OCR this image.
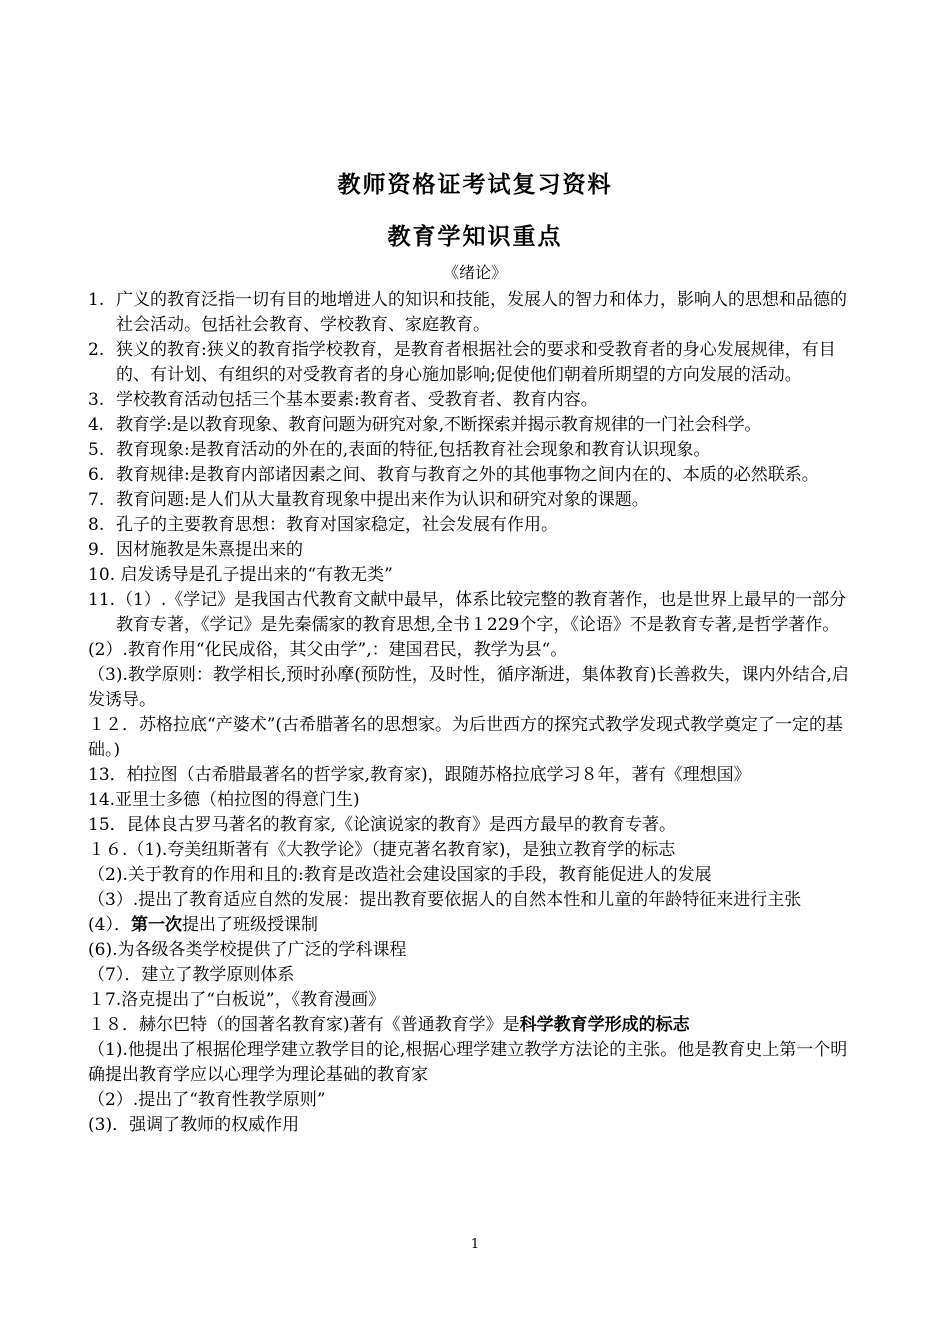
教师资格证考试复习资料
教育学知识重点
《绪论》
1. 广义的教育泛指一切有目的地增进人的知识和技能，发展人的智力和体力，影响人的思想和品德的社会活动。包括社会教育、学校教育、家庭教育。
2. 狭义的教育:狭义的教育指学校教育，是教育者根据社会的要求和受教育者的身心发展规律，有目的、有计划、有组织的对受教育者的身心施加影响;促使他们朝着所期望的方向发展的活动。
3. 学校教育活动包括三个基本要素:教育者、受教育者、教育内容。
4. 教育学:是以教育现象、教育问题为研究对象,不断探索并揭示教育规律的一门社会科学。
5. 教育现象:是教育活动的外在的,表面的特征,包括教育社会现象和教育认识现象。
6. 教育规律:是教育内部诸因素之间、教育与教育之外的其他事物之间内在的、本质的必然联系。
7. 教育问题:是人们从大量教育现象中提出来作为认识和研究对象的课题。
8. 孔子的主要教育思想：教育对国家稳定，社会发展有作用。
9. 因材施教是朱熹提出来的
10. 启发诱导是孔子提出来的“有教无类”
11. （1）.《学记》是我国古代教育文献中最早，体系比较完整的教育著作，也是世界上最早的一部分教育专著，《学记》是先秦儒家的教育思想,全书１229个字，《论语》不是教育专著,是哲学著作。
(2）.教育作用“化民成俗，其父由学”,：建国君民，教学为县“。
（3).教学原则：教学相长,预时孙摩(预防性，及时性，循序渐进，集体教育)长善救失，课内外结合,启发诱导。
１２．苏格拉底“产婆术”(古希腊著名的思想家。为后世西方的探究式教学发现式教学奠定了一定的基础。)
13．柏拉图（古希腊最著名的哲学家,教育家)，跟随苏格拉底学习８年，著有《理想国》
14.亚里士多德（柏拉图的得意门生)
15．昆体良古罗马著名的教育家,《论演说家的教育》是西方最早的教育专著。
１６.（1).夸美纽斯著有《大教学论》（捷克著名教育家)，是独立教育学的标志
（2).关于教育的作用和且的:教育是改造社会建设国家的手段，教育能促进人的发展
（3）.提出了教育适应自然的发展：提出教育要依据人的自然本性和儿童的年龄特征来进行主张
(4）．第一次提出了班级授课制
(6).为各级各类学校提供了广泛的学科课程
（7）．建立了教学原则体系
１7.洛克提出了“白板说”，《教育漫画》
１８．赫尔巴特（的国著名教育家)著有《普通教育学》是科学教育学形成的标志
（1).他提出了根据伦理学建立教学目的论,根据心理学建立教学方法论的主张。他是教育史上第一个明确提出教育学应以心理学为理论基础的教育家
（2）.提出了“教育性教学原则”
(3)．强调了教师的权威作用
1
